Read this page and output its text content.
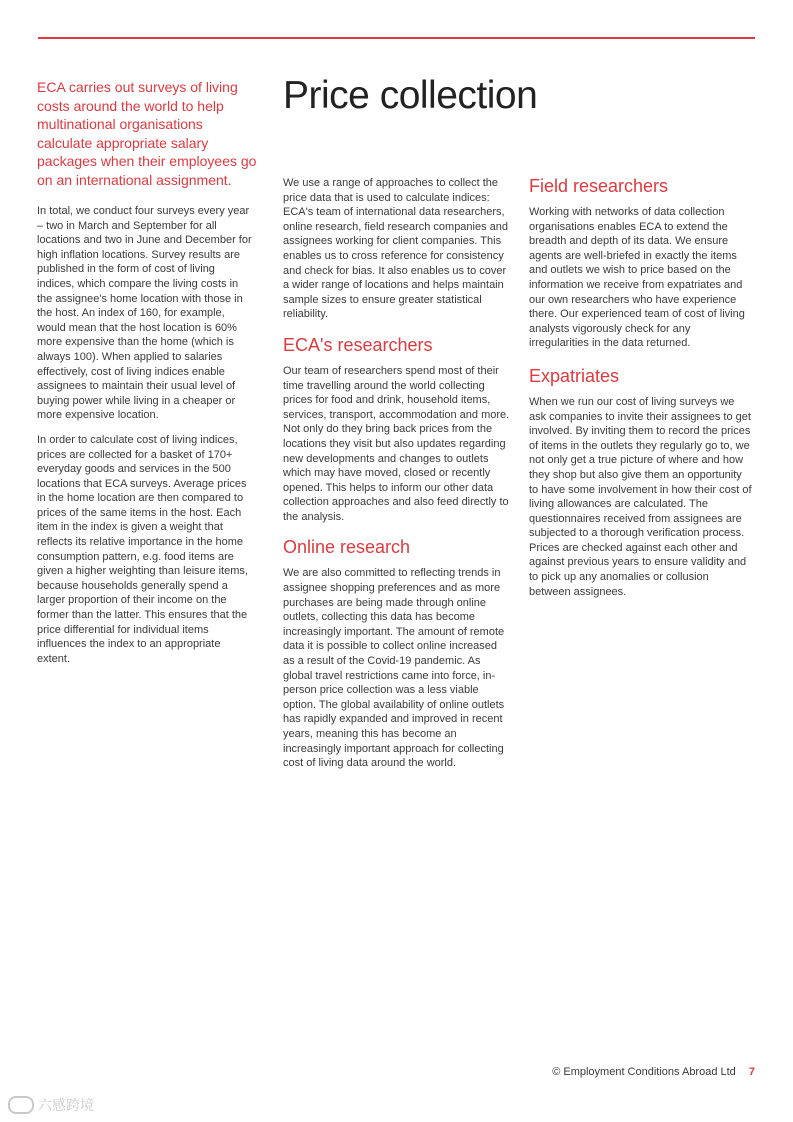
ECA carries out surveys of living costs around the world to help multinational organisations calculate appropriate salary packages when their employees go on an international assignment.
Price collection

In total, we conduct four surveys every year – two in March and September for all locations and two in June and December for high inflation locations. Survey results are published in the form of cost of living indices, which compare the living costs in the assignee's home location with those in the host. An index of 160, for example, would mean that the host location is 60% more expensive than the home (which is always 100). When applied to salaries effectively, cost of living indices enable assignees to maintain their usual level of buying power while living in a cheaper or more expensive location.

In order to calculate cost of living indices, prices are collected for a basket of 170+ everyday goods and services in the 500 locations that ECA surveys. Average prices in the home location are then compared to prices of the same items in the host. Each item in the index is given a weight that reflects its relative importance in the home consumption pattern, e.g. food items are given a higher weighting than leisure items, because households generally spend a larger proportion of their income on the former than the latter. This ensures that the price differential for individual items influences the index to an appropriate extent.

We use a range of approaches to collect the price data that is used to calculate indices: ECA's team of international data researchers, online research, field research companies and assignees working for client companies. This enables us to cross reference for consistency and check for bias. It also enables us to cover a wider range of locations and helps maintain sample sizes to ensure greater statistical reliability.

ECA's researchers

Our team of researchers spend most of their time travelling around the world collecting prices for food and drink, household items, services, transport, accommodation and more. Not only do they bring back prices from the locations they visit but also updates regarding new developments and changes to outlets which may have moved, closed or recently opened. This helps to inform our other data collection approaches and also feed directly to the analysis.

Online research

We are also committed to reflecting trends in assignee shopping preferences and as more purchases are being made through online outlets, collecting this data has become increasingly important. The amount of remote data it is possible to collect online increased as a result of the Covid-19 pandemic. As global travel restrictions came into force, in-person price collection was a less viable option. The global availability of online outlets has rapidly expanded and improved in recent years, meaning this has become an increasingly important approach for collecting cost of living data around the world.

Field researchers

Working with networks of data collection organisations enables ECA to extend the breadth and depth of its data. We ensure agents are well-briefed in exactly the items and outlets we wish to price based on the information we receive from expatriates and our own researchers who have experience there. Our experienced team of cost of living analysts vigorously check for any irregularities in the data returned.

Expatriates

When we run our cost of living surveys we ask companies to invite their assignees to get involved. By inviting them to record the prices of items in the outlets they regularly go to, we not only get a true picture of where and how they shop but also give them an opportunity to have some involvement in how their cost of living allowances are calculated. The questionnaires received from assignees are subjected to a thorough verification process. Prices are checked against each other and against previous years to ensure validity and to pick up any anomalies or collusion between assignees.

© Employment Conditions Abroad Ltd 7
六感跨境
